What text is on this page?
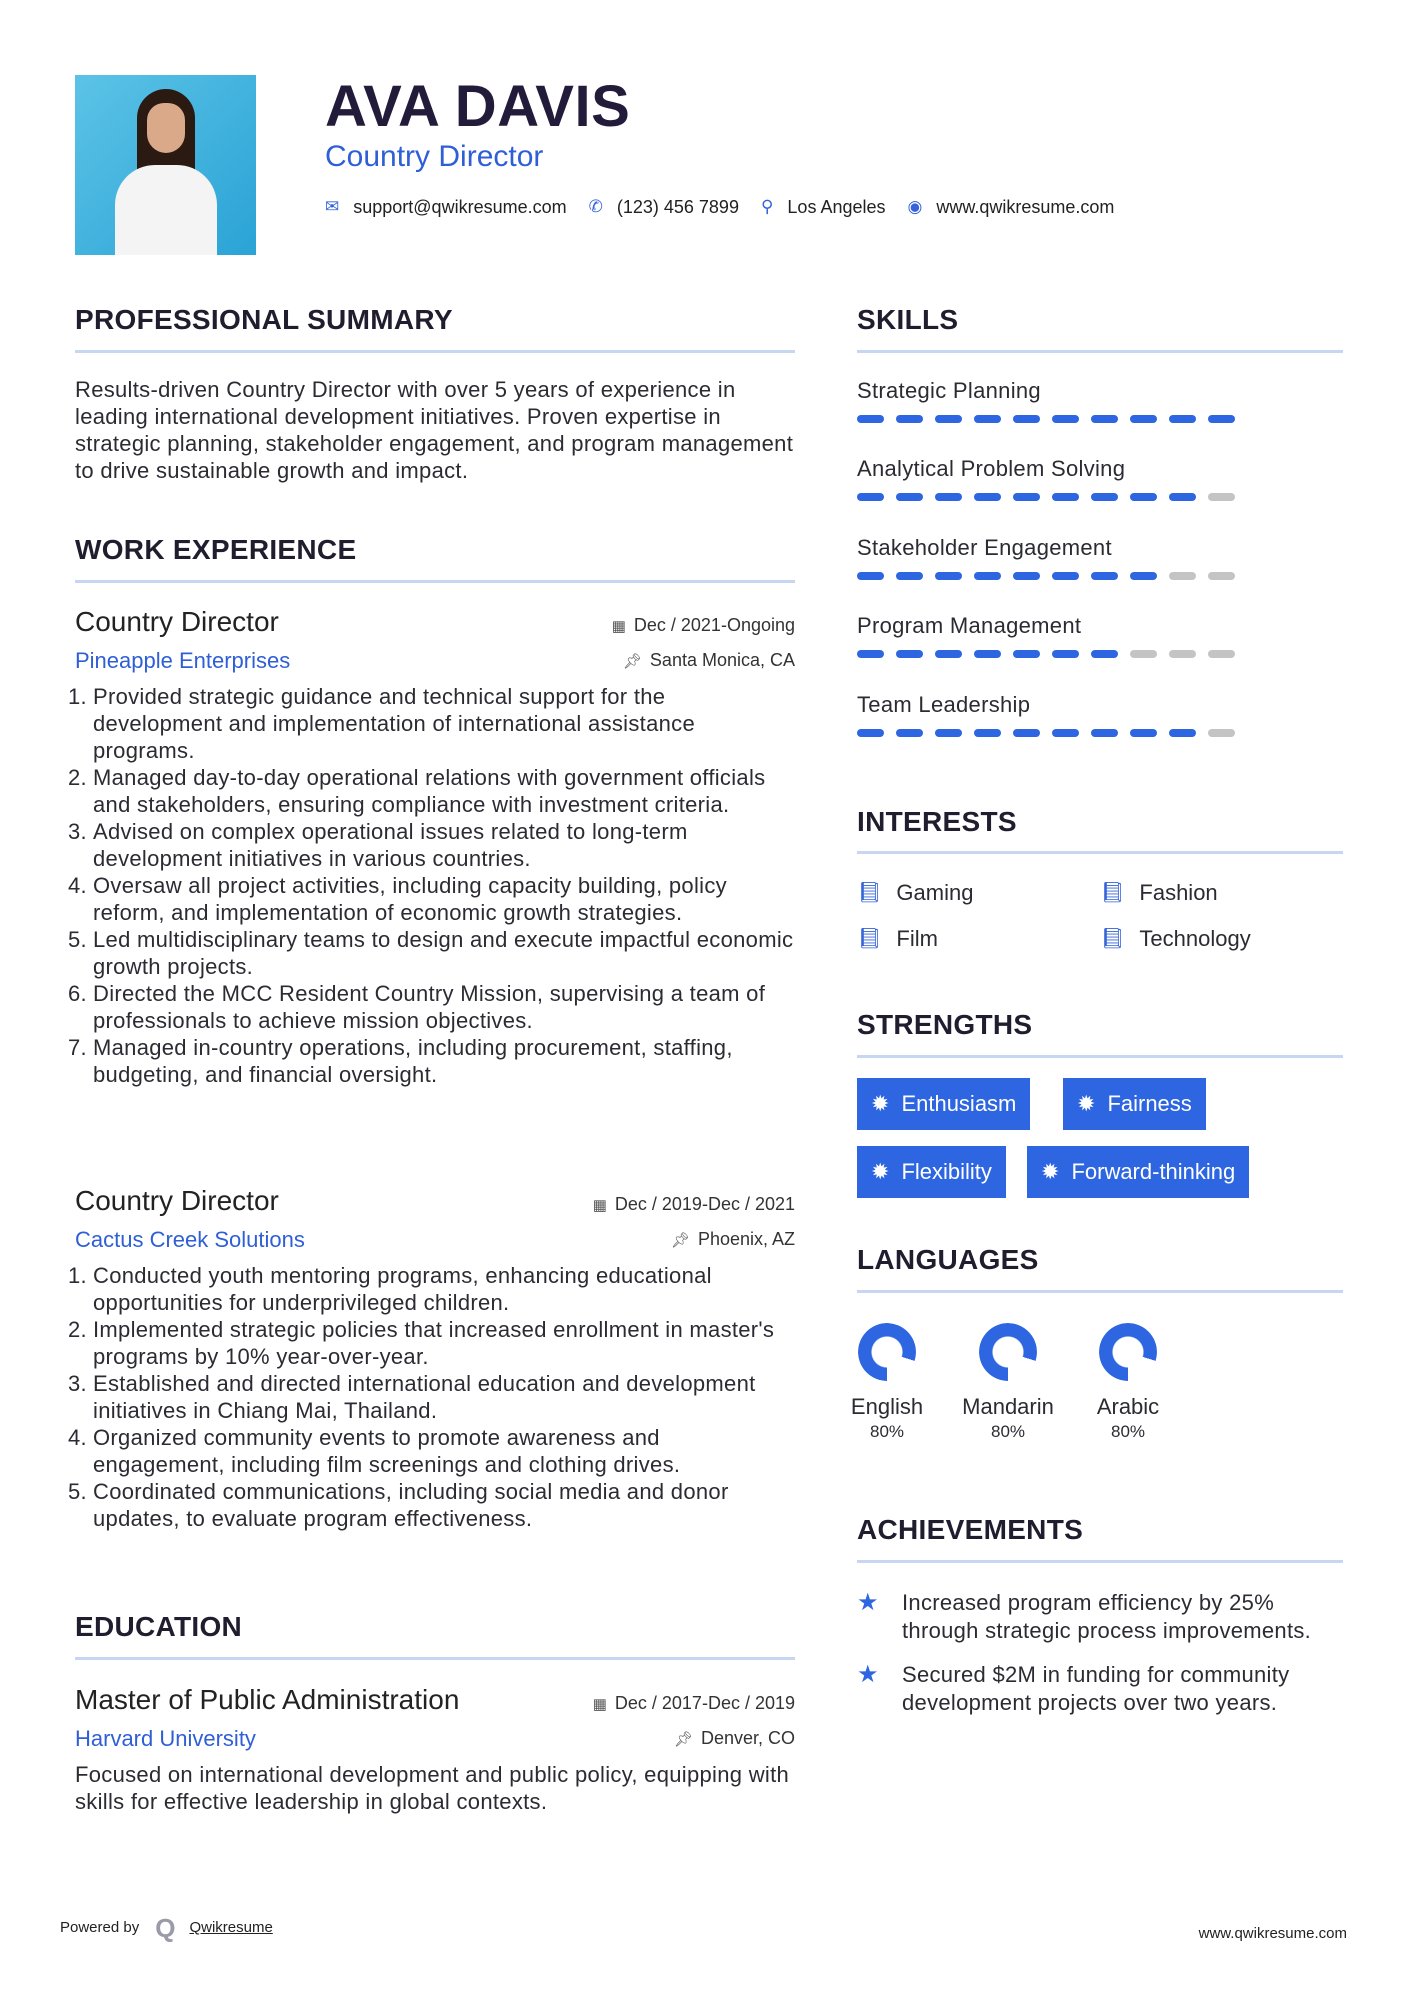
AVA DAVIS
Country Director
✉ support@qwikresume.com ✆ (123) 456 7899 ⚲ Los Angeles ◉ www.qwikresume.com
PROFESSIONAL SUMMARY
Results-driven Country Director with over 5 years of experience in leading international development initiatives. Proven expertise in strategic planning, stakeholder engagement, and program management to drive sustainable growth and impact.
WORK EXPERIENCE
Country Director
Pineapple Enterprises
▦ Dec / 2021-Ongoing
📌︎ Santa Monica, CA
1. Provided strategic guidance and technical support for the development and implementation of international assistance programs.
2. Managed day-to-day operational relations with government officials and stakeholders, ensuring compliance with investment criteria.
3. Advised on complex operational issues related to long-term development initiatives in various countries.
4. Oversaw all project activities, including capacity building, policy reform, and implementation of economic growth strategies.
5. Led multidisciplinary teams to design and execute impactful economic growth projects.
6. Directed the MCC Resident Country Mission, supervising a team of professionals to achieve mission objectives.
7. Managed in-country operations, including procurement, staffing, budgeting, and financial oversight.
Country Director
Cactus Creek Solutions
▦ Dec / 2019-Dec / 2021
📌︎ Phoenix, AZ
1. Conducted youth mentoring programs, enhancing educational opportunities for underprivileged children.
2. Implemented strategic policies that increased enrollment in master's programs by 10% year-over-year.
3. Established and directed international education and development initiatives in Chiang Mai, Thailand.
4. Organized community events to promote awareness and engagement, including film screenings and clothing drives.
5. Coordinated communications, including social media and donor updates, to evaluate program effectiveness.
EDUCATION
Master of Public Administration
Harvard University
▦ Dec / 2017-Dec / 2019
📌︎ Denver, CO
Focused on international development and public policy, equipping with skills for effective leadership in global contexts.
SKILLS
Strategic Planning
Analytical Problem Solving
Stakeholder Engagement
Program Management
Team Leadership
INTERESTS
📘︎ Gaming	📘︎ Fashion
📘︎ Film	📘︎ Technology
STRENGTHS
✹ Enthusiasm	✹ Fairness
✹ Flexibility ✹ Forward-thinking
LANGUAGES
English
80%
Mandarin
80%
Arabic
80%
ACHIEVEMENTS
★ Increased program efficiency by 25% through strategic process improvements.
★ Secured $2M in funding for community development projects over two years.
Powered by Q Qwikresume	www.qwikresume.com
